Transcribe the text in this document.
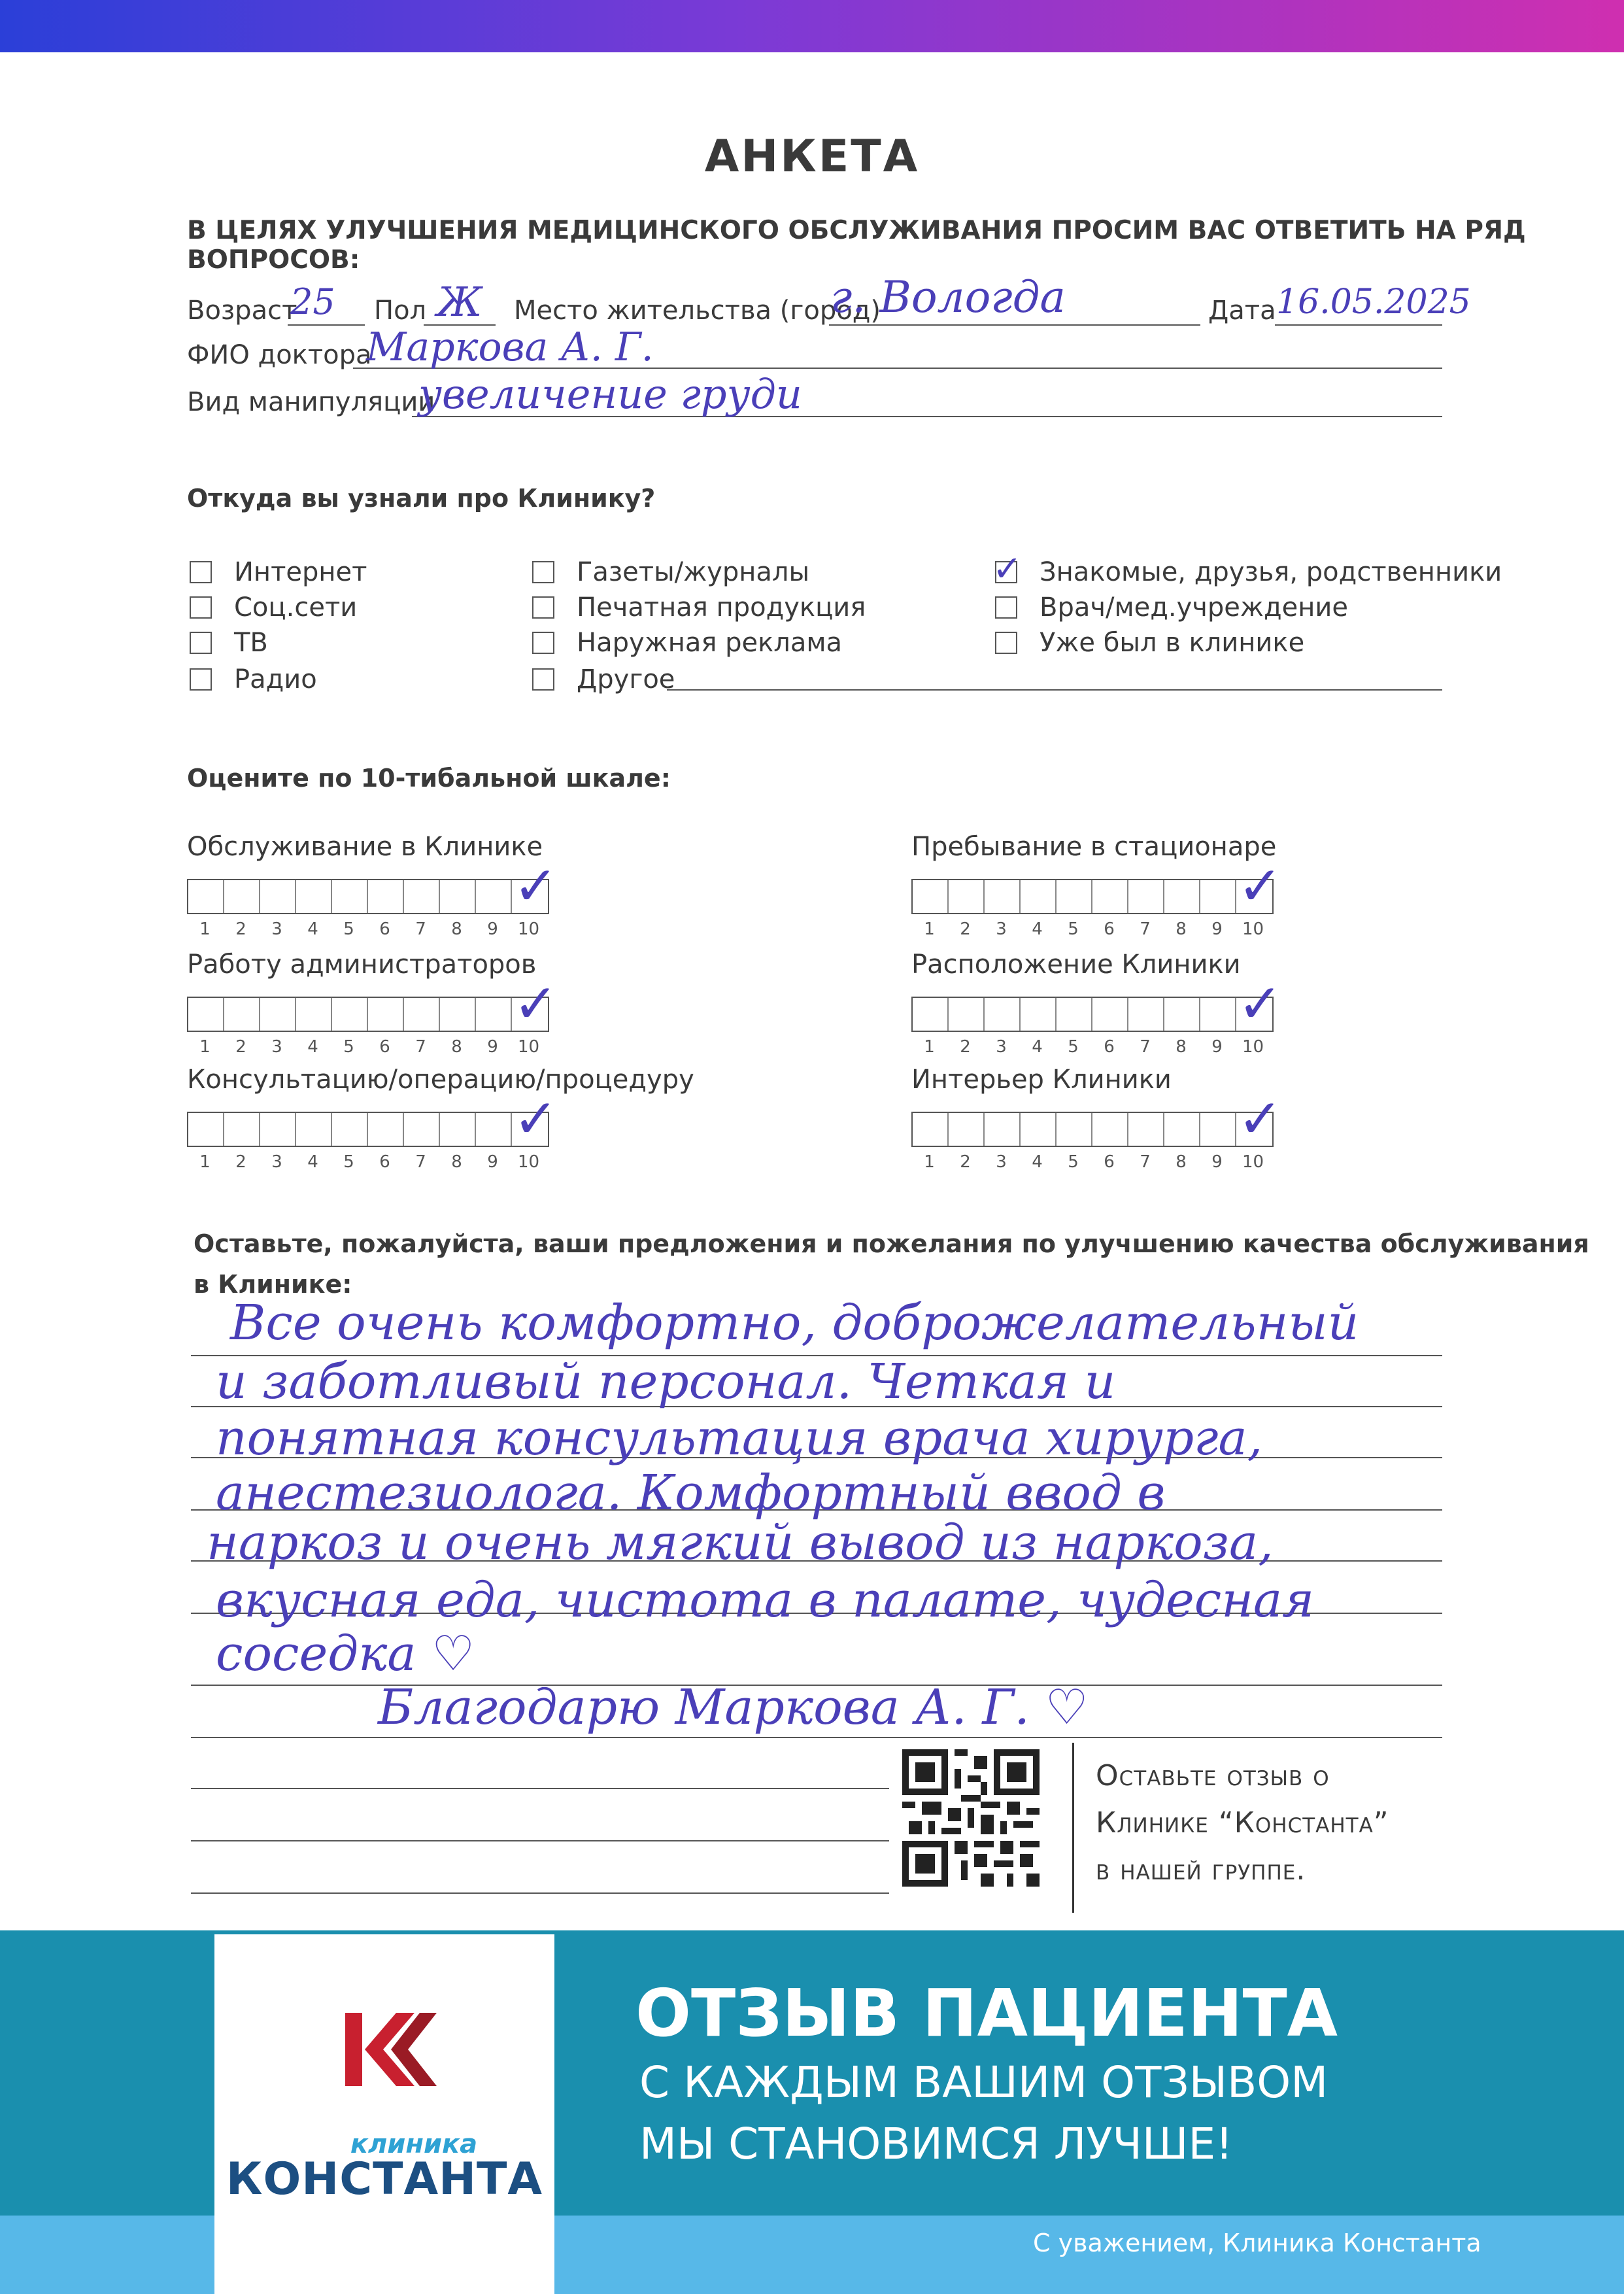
АНКЕТА
В ЦЕЛЯХ УЛУЧШЕНИЯ МЕДИЦИНСКОГО ОБСЛУЖИВАНИЯ ПРОСИМ ВАС ОТВЕТИТЬ НА РЯД ВОПРОСОВ:
Возраст
25 Пол Ж Место жительства (город)
г. Вологда	Дата 16.05.2025
ФИО доктора
Марковa А. Г.
Вид манипуляции
увеличение груди
Откуда вы узнали про Клинику?
Интернет
Соц.сети
ТВ
Радио
Газеты/журналы
Печатная продукция
Наружная реклама
Другое
✓ Знакомые, друзья, родственники
Врач/мед.учреждение
Уже был в клинике
Оцените по 10-тибальной шкале:
Обслуживание в Клинике
1	2	3	4	5	6	7	8	9	10
✓
Работу администраторов
1	2	3	4	5	6	7	8	9	10
✓
Консультацию/операцию/процедуру
1	2	3	4	5	6	7	8	9	10
✓
Пребывание в стационаре
1	2	3	4	5	6	7	8	9	10
✓
Расположение Клиники
1	2	3	4	5	6	7	8	9	10
✓
Интерьер Клиники
1	2	3	4	5	6	7	8	9	10
✓
Оставьте, пожалуйста, ваши предложения и пожелания по улучшению качества обслуживания
в Клинике:
Все очень комфортно, доброжелательный
и заботливый персонал. Четкая и
понятная консультация врача хирурга,
анестезиолога. Комфортный ввод в
наркоз и очень мягкий вывод из наркоза,
вкусная еда, чистота в палате, чудесная
соседка ♡
Благодарю Маркова А. Г. ♡
Оставьте отзыв о
Клинике “Константа”
в нашей группе.
клиника
КОНСТАНТА
ОТЗЫВ ПАЦИЕНТА
С КАЖДЫМ ВАШИМ ОТЗЫВОМ
МЫ СТАНОВИМСЯ ЛУЧШЕ!
С уважением, Клиника Константа
